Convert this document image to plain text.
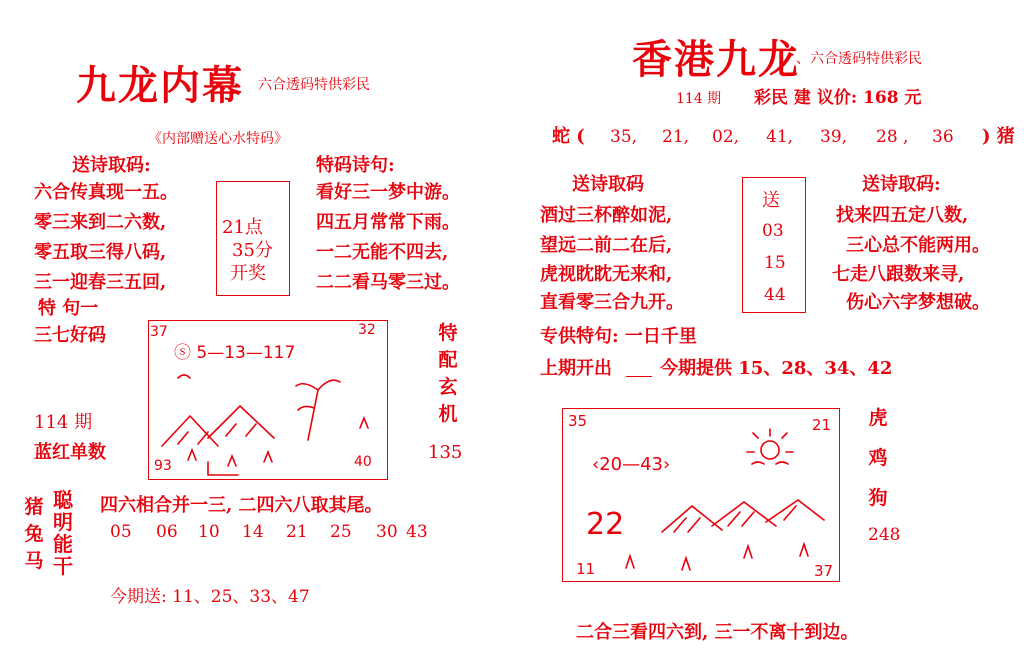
九龙内幕 六合透码特供彩民
《内部赠送心水特码》
送诗取码:	特码诗句:
六合传真现一五。
零三来到二六数,
零五取三得八码,
三一迎春三五回,
21点
35分
开奖
看好三一梦中游。
四五月常常下雨。
一二无能不四去,
二二看马零三过。
特 句一
三七好码	37	32
93	40
ⓢ 5—13—117
特
配
玄
机
114 期
蓝红单数	135
猪
兔
马
聪
明
能
干
四六相合并一三, 二四六八取其尾。
05 06 10 14 21 25 30 43
今期送: 11、25、33、47
香港九龙
、六合透码特供彩民
114 期 彩民 建 议价: 168 元
蛇 ( 35, 21, 02, 41, 39, 28 , 36 ) 猪
送诗取码	送诗取码:
酒过三杯醉如泥,
望远二前二在后,
虎视眈眈无来和,
直看零三合九开。
送
03
15
44
找来四五定八数,
三心总不能两用。
七走八跟数来寻,
伤心六字梦想破。
专供特句: 一日千里
上期开出	今期提供 15、28、34、42
35	21
11	37
‹20—43›
22
虎
鸡
狗
248
二合三看四六到, 三一不离十到边。
